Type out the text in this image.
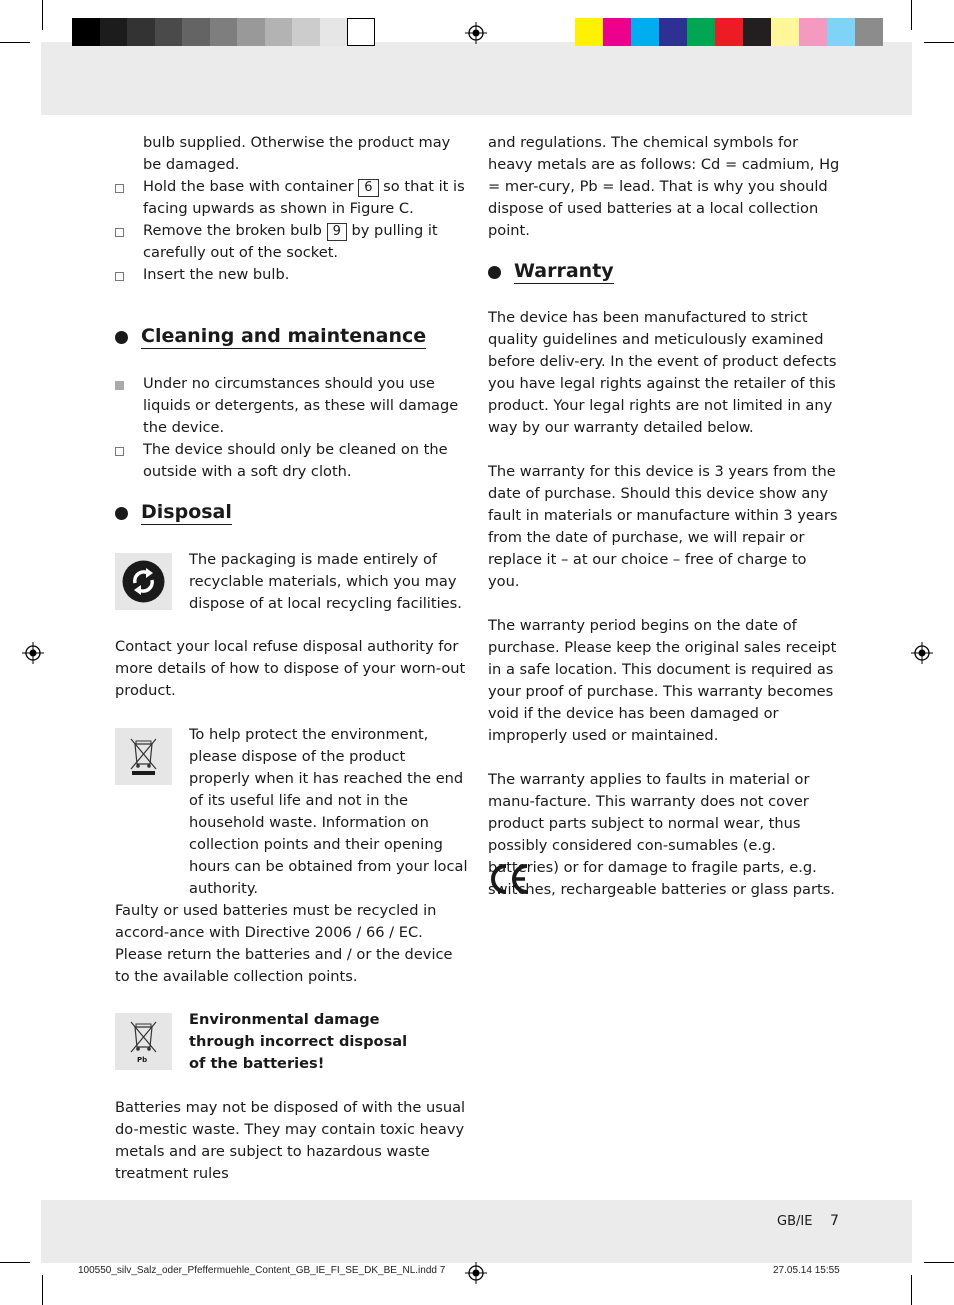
bulb supplied. Otherwise the product may be damaged.

Hold the base with container 6 so that it is facing upwards as shown in Figure C.

Remove the broken bulb 9 by pulling it carefully out of the socket.

Insert the new bulb.

Cleaning and maintenance

Under no circumstances should you use liquids or detergents, as these will damage the device.

The device should only be cleaned on the outside with a soft dry cloth.

Disposal

The packaging is made entirely of recyclable materials, which you may dispose of at local recycling facilities.

Contact your local refuse disposal authority for more details of how to dispose of your worn-out product.

To help protect the environment, please dispose of the product properly when it has reached the end of its useful life and not in the household waste. Information on collection points and their opening hours can be obtained from your local authority.

Faulty or used batteries must be recycled in accord-ance with Directive 2006 / 66 / EC. Please return the batteries and / or the device to the available collection points.

Pb

Environmental damage through incorrect disposal of the batteries!

Batteries may not be disposed of with the usual do-mestic waste. They may contain toxic heavy metals and are subject to hazardous waste treatment rules

and regulations. The chemical symbols for heavy metals are as follows: Cd = cadmium, Hg = mer-cury, Pb = lead. That is why you should dispose of used batteries at a local collection point.

Warranty

The device has been manufactured to strict quality guidelines and meticulously examined before deliv-ery. In the event of product defects you have legal rights against the retailer of this product. Your legal rights are not limited in any way by our warranty detailed below.

The warranty for this device is 3 years from the date of purchase. Should this device show any fault in materials or manufacture within 3 years from the date of purchase, we will repair or replace it – at our choice – free of charge to you.

The warranty period begins on the date of purchase. Please keep the original sales receipt in a safe location. This document is required as your proof of purchase. This warranty becomes void if the device has been damaged or improperly used or maintained.

The warranty applies to faults in material or manu-facture. This warranty does not cover product parts subject to normal wear, thus possibly considered con-sumables (e.g. batteries) or for damage to fragile parts, e.g. switches, rechargeable batteries or glass parts.

GB/IE 7
100550_silv_Salz_oder_Pfeffermuehle_Content_GB_IE_FI_SE_DK_BE_NL.indd 7	27.05.14 15:55
